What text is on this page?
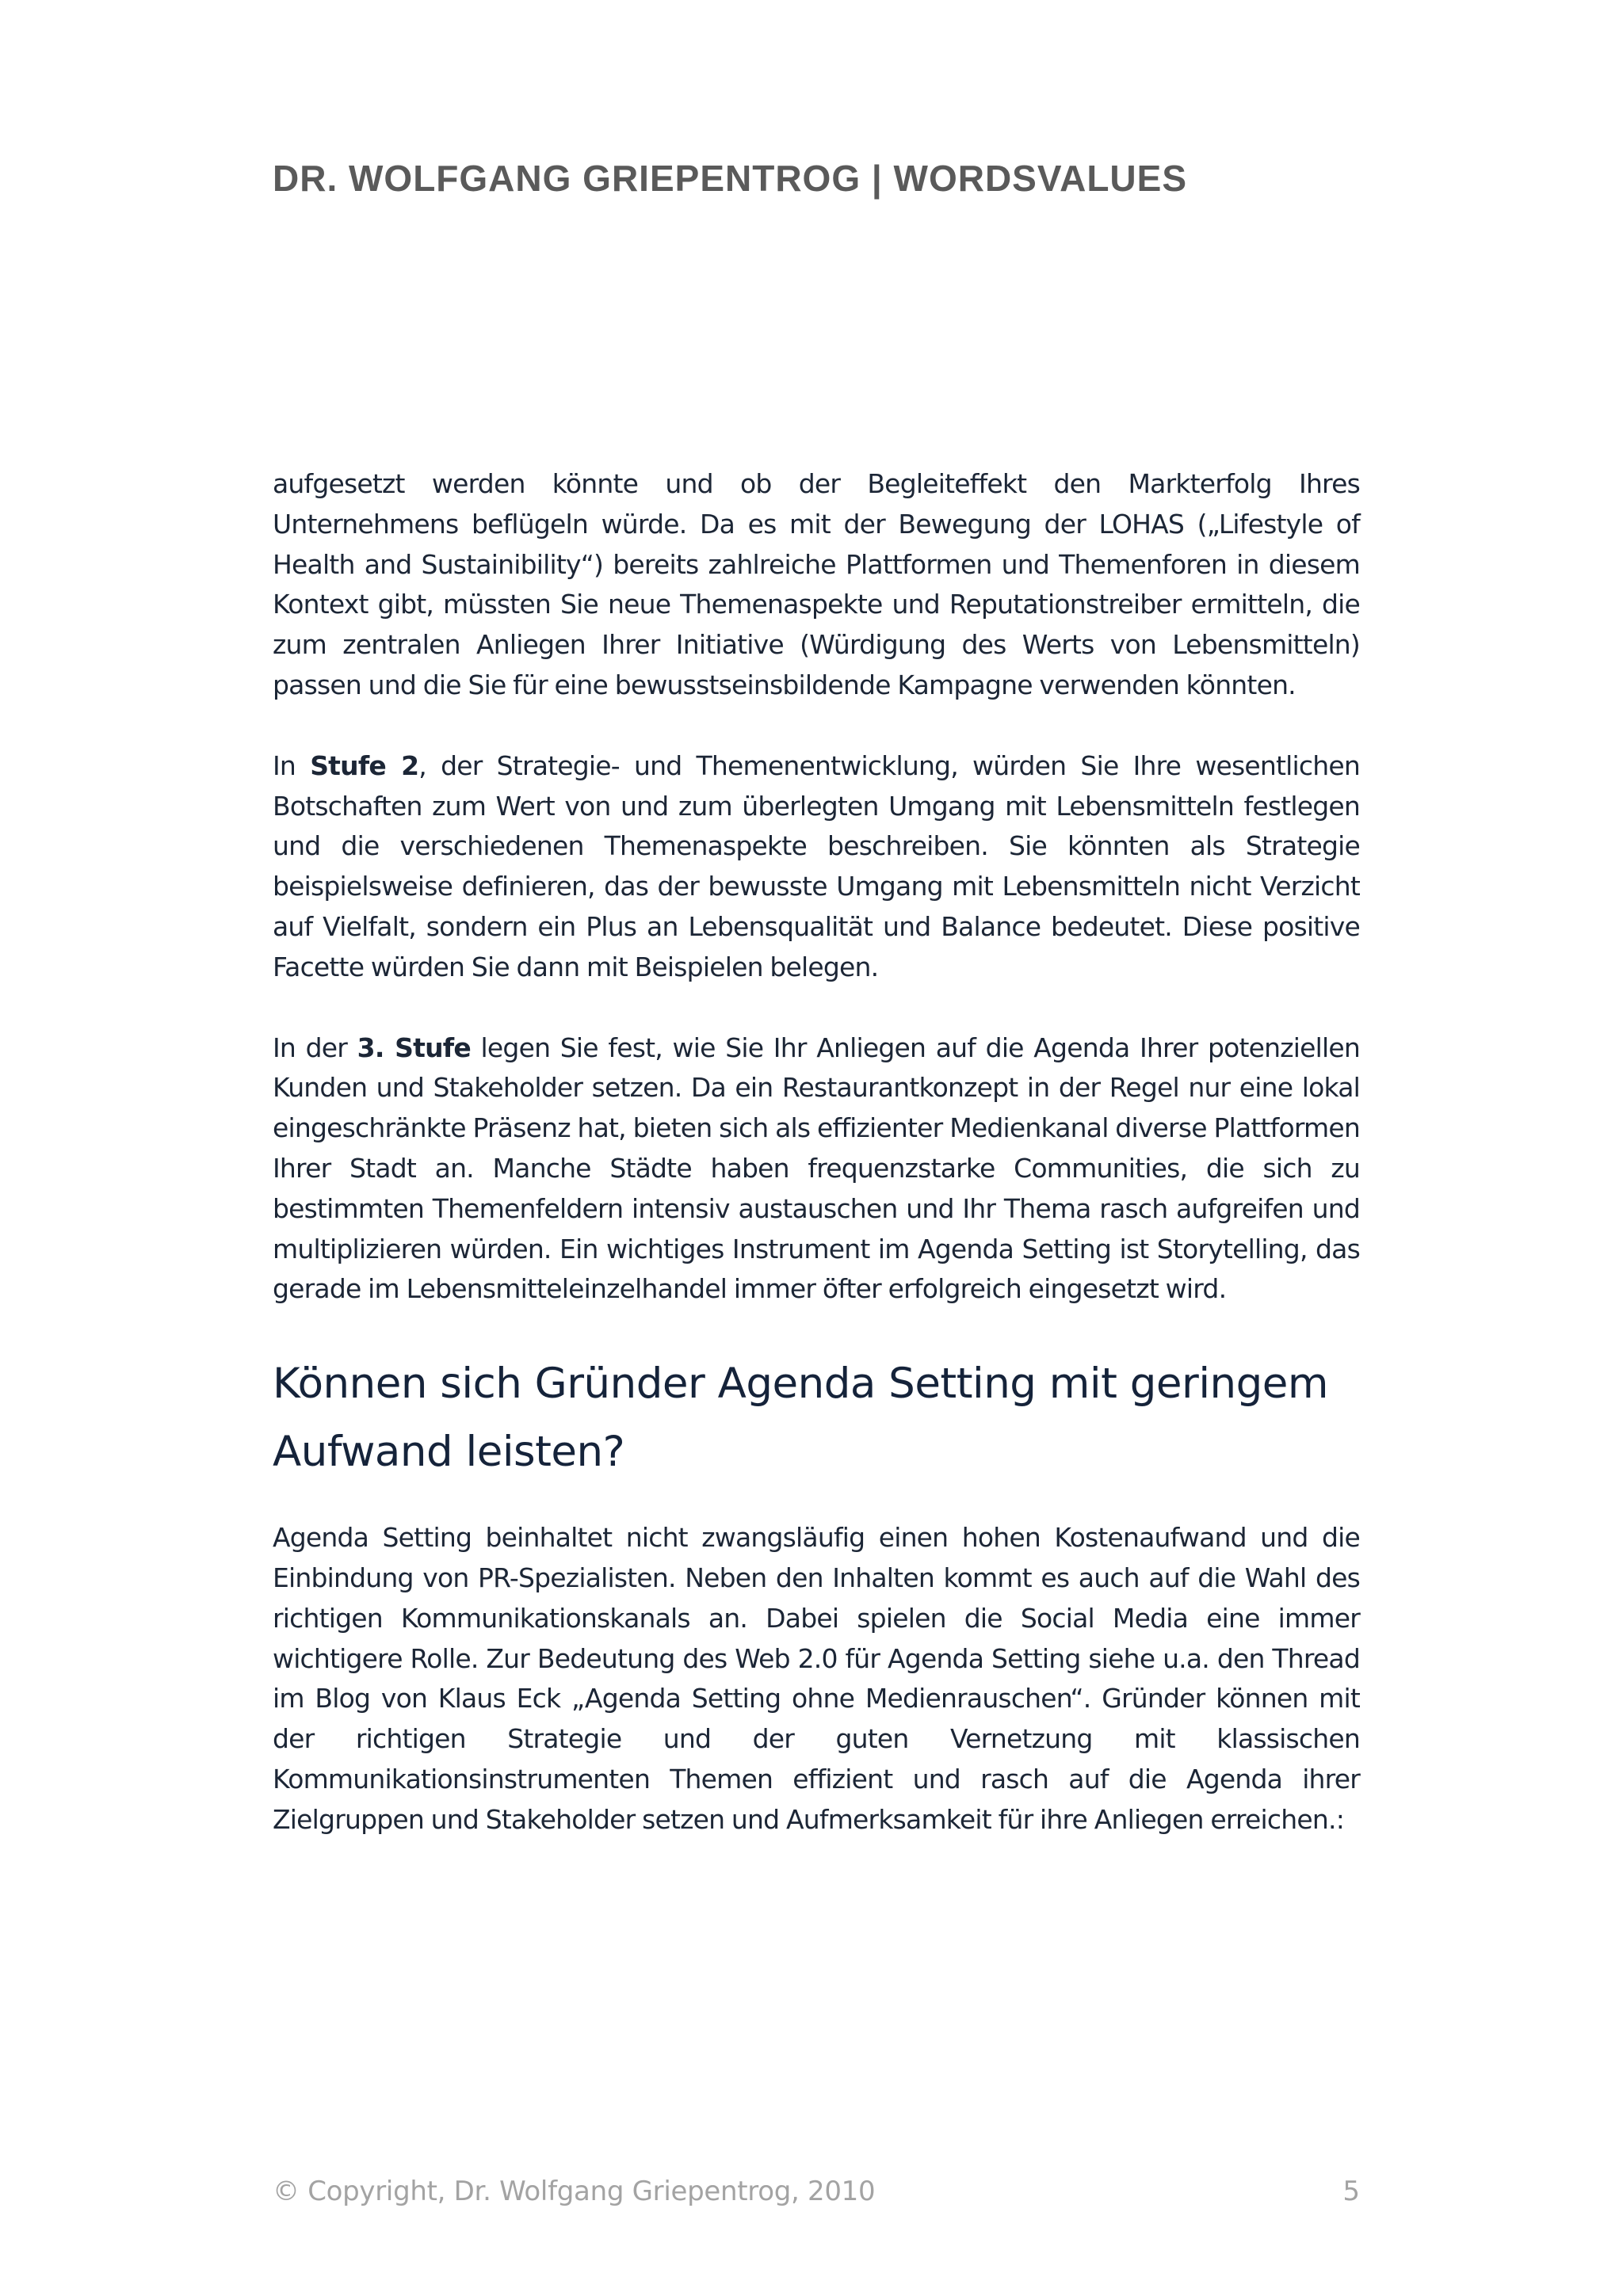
DR. WOLFGANG GRIEPENTROG | WORDSVALUES

aufgesetzt werden könnte und ob der Begleiteffekt den Markterfolg Ihres Unternehmens beflügeln würde. Da es mit der Bewegung der LOHAS („Lifestyle of Health and Sustainibility“) bereits zahlreiche Plattformen und Themenforen in diesem Kontext gibt, müssten Sie neue Themenaspekte und Reputationstreiber ermitteln, die zum zentralen Anliegen Ihrer Initiative (Würdigung des Werts von Lebensmitteln) passen und die Sie für eine bewusstseinsbildende Kampagne verwenden könnten.

In Stufe 2, der Strategie- und Themenentwicklung, würden Sie Ihre wesentlichen Botschaften zum Wert von und zum überlegten Umgang mit Lebensmitteln festlegen und die verschiedenen Themenaspekte beschreiben. Sie könnten als Strategie beispielsweise definieren, das der bewusste Umgang mit Lebensmitteln nicht Verzicht auf Vielfalt, sondern ein Plus an Lebensqualität und Balance bedeutet. Diese positive Facette würden Sie dann mit Beispielen belegen.

In der 3. Stufe legen Sie fest, wie Sie Ihr Anliegen auf die Agenda Ihrer potenziellen Kunden und Stakeholder setzen. Da ein Restaurantkonzept in der Regel nur eine lokal eingeschränkte Präsenz hat, bieten sich als effizienter Medienkanal diverse Plattformen Ihrer Stadt an. Manche Städte haben frequenzstarke Communities, die sich zu bestimmten Themenfeldern intensiv austauschen und Ihr Thema rasch aufgreifen und multiplizieren würden. Ein wichtiges Instrument im Agenda Setting ist Storytelling, das gerade im Lebensmitteleinzelhandel immer öfter erfolgreich eingesetzt wird.

Können sich Gründer Agenda Setting mit geringem Aufwand leisten?

Agenda Setting beinhaltet nicht zwangsläufig einen hohen Kostenaufwand und die Einbindung von PR-Spezialisten. Neben den Inhalten kommt es auch auf die Wahl des richtigen Kommunikationskanals an. Dabei spielen die Social Media eine immer wichtigere Rolle. Zur Bedeutung des Web 2.0 für Agenda Setting siehe u.a. den Thread im Blog von Klaus Eck „Agenda Setting ohne Medienrauschen“. Gründer können mit der richtigen Strategie und der guten Vernetzung mit klassischen Kommunikationsinstrumenten Themen effizient und rasch auf die Agenda ihrer Zielgruppen und Stakeholder setzen und Aufmerksamkeit für ihre Anliegen erreichen.:

© Copyright, Dr. Wolfgang Griepentrog, 2010	5
